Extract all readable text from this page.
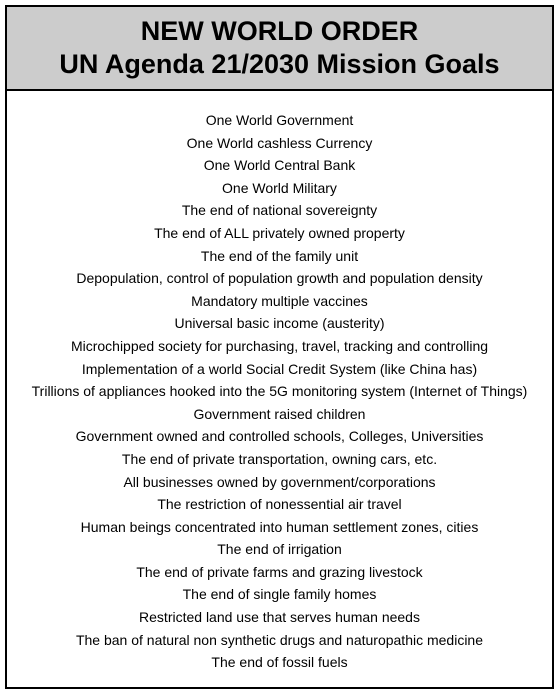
NEW WORLD ORDER
UN Agenda 21/2030 Mission Goals
One World Government
One World cashless Currency
One World Central Bank
One World Military
The end of national sovereignty
The end of ALL privately owned property
The end of the family unit
Depopulation, control of population growth and population density
Mandatory multiple vaccines
Universal basic income (austerity)
Microchipped society for purchasing, travel, tracking and controlling
Implementation of a world Social Credit System (like China has)
Trillions of appliances hooked into the 5G monitoring system (Internet of Things)
Government raised children
Government owned and controlled schools, Colleges, Universities
The end of private transportation, owning cars, etc.
All businesses owned by government/corporations
The restriction of nonessential air travel
Human beings concentrated into human settlement zones, cities
The end of irrigation
The end of private farms and grazing livestock
The end of single family homes
Restricted land use that serves human needs
The ban of natural non synthetic drugs and naturopathic medicine
The end of fossil fuels
